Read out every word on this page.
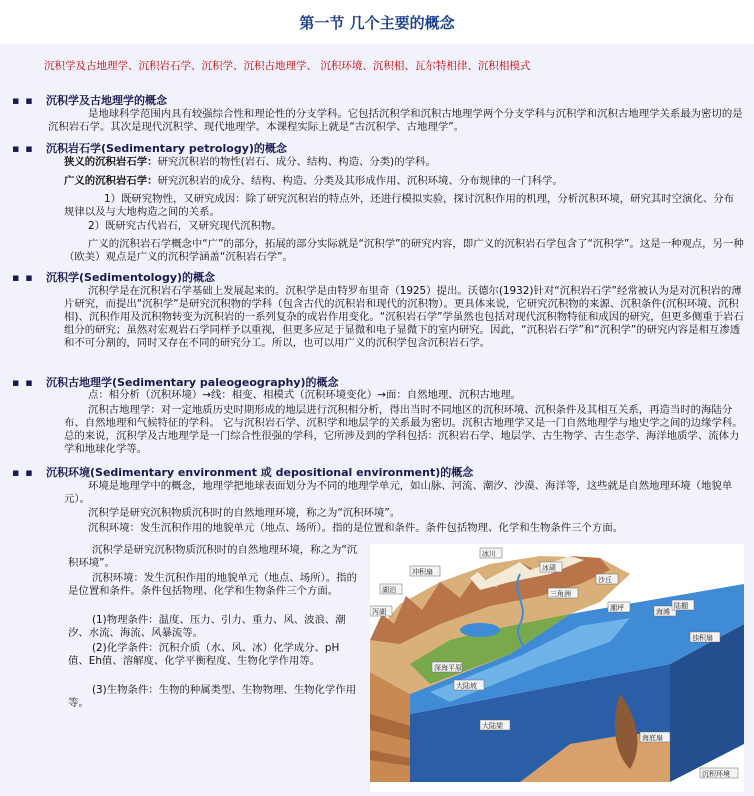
第一节 几个主要的概念
沉积学及古地理学、沉积岩石学、沉积学、沉积古地理学、 沉积环境、沉积相、瓦尔特相律、沉积相模式
▪ ▪ 沉积学及古地理学的概念
是地球科学范围内具有较强综合性和理论性的分支学科。它包括沉积学和沉积古地理学两个分支学科与沉积学和沉积古地理学关系最为密切的是沉积岩石学。其次是现代沉积学、现代地理学。本课程实际上就是“古沉积学、古地理学”。
▪ ▪ 沉积岩石学(Sedimentary petrology)的概念
狭义的沉积岩石学：研究沉积岩的物性(岩石、成分、结构、构造、分类)的学科。
广义的沉积岩石学：研究沉积岩的成分、结构、构造、分类及其形成作用、沉积环境、分布规律的一门科学。
1）既研究物性，又研究成因：除了研究沉积岩的特点外，还进行模拟实验，探讨沉积作用的机理，分析沉积环境，研究其时空演化、分布规律以及与大地构造之间的关系。
2）既研究古代岩石，又研究现代沉积物。
广义的沉积岩石学概念中“广”的部分，拓展的部分实际就是“沉积学”的研究内容，即广义的沉积岩石学包含了“沉积学”。这是一种观点，另一种（欧美）观点是广义的沉积学涵盖“沉积岩石学”。
▪ ▪ 沉积学(Sedimentology)的概念
沉积学是在沉积岩石学基础上发展起来的。沉积学是由特罗布里奇（1925）提出。沃德尔(1932)针对“沉积岩石学”经常被认为是对沉积岩的薄片研究，而提出“沉积学”是研究沉积物的学科（包含古代的沉积岩和现代的沉积物）。更具体来说，它研究沉积物的来源、沉积条件(沉积环境、沉积相)、沉积作用及沉积物转变为沉积岩的一系列复杂的成岩作用变化。“沉积岩石学”学虽然也包括对现代沉积物特征和成因的研究，但更多侧重于岩石组分的研究；虽然对宏观岩石学同样予以重视，但更多应足于显微和电子显微下的室内研究。因此，“沉积岩石学”和“沉积学”的研究内容是相互渗透和不可分割的，同时又存在不同的研究分工。所以，也可以用广义的沉积学包含沉积岩石学。
▪ ▪ 沉积古地理学(Sedimentary paleogeography)的概念
点：相分析（沉积环境）→线：相变、相模式（沉积环境变化）→面：自然地理、沉积古地理。
沉积古地理学：对一定地质历史时期形成的地层进行沉积相分析，得出当时不同地区的沉积环境、沉积条件及其相互关系，再造当时的海陆分布、自然地理和气候特征的学科。 它与沉积岩石学、沉积学和地层学的关系最为密切。沉积古地理学又是一门自然地理学与地史学之间的边缘学科。 总的来说，沉积学及古地理学是一门综合性很强的学科，它所涉及到的学科包括：沉积岩石学、地层学、古生物学、古生态学、海洋地质学、流体力学和地球化学等。
▪ ▪ 沉积环境(Sedimentary environment 或 depositional environment)的概念
环境是地理学中的概念，地理学把地球表面划分为不同的地理学单元，如山脉、河流、潮汐、沙漠、海洋等，这些就是自然地理环境（地貌单元）。
沉积学是研究沉积物质沉积时的自然地理环境，称之为“沉积环境”。
沉积环境：发生沉积作用的地貌单元（地点、场所）。指的是位置和条件。条件包括物理、化学和生物条件三个方面。
沉积学是研究沉积物质沉积时的自然地理环境，称之为“沉积环境”。
沉积环境：发生沉积作用的地貌单元（地点、场所）。指的是位置和条件。条件包括物理、化学和生物条件三个方面。
(1)物理条件：温度、压力、引力、重力、风、波浪、潮汐、水流、海流、风暴流等。
(2)化学条件：沉积介质（水、风、冰）化学成分、pH值、Eh值、溶解度、化学平衡程度、生物化学作用等。
(3)生物条件：生物的种属类型、生物物理、生物化学作用等。
冰川
冰碛
湖泊
冲积扇
沙丘
泻湖
三角洲
潮坪	海滩
陆棚
大陆坡
浊积扇
深海平原
大陆架
海底扇
沉积环境
